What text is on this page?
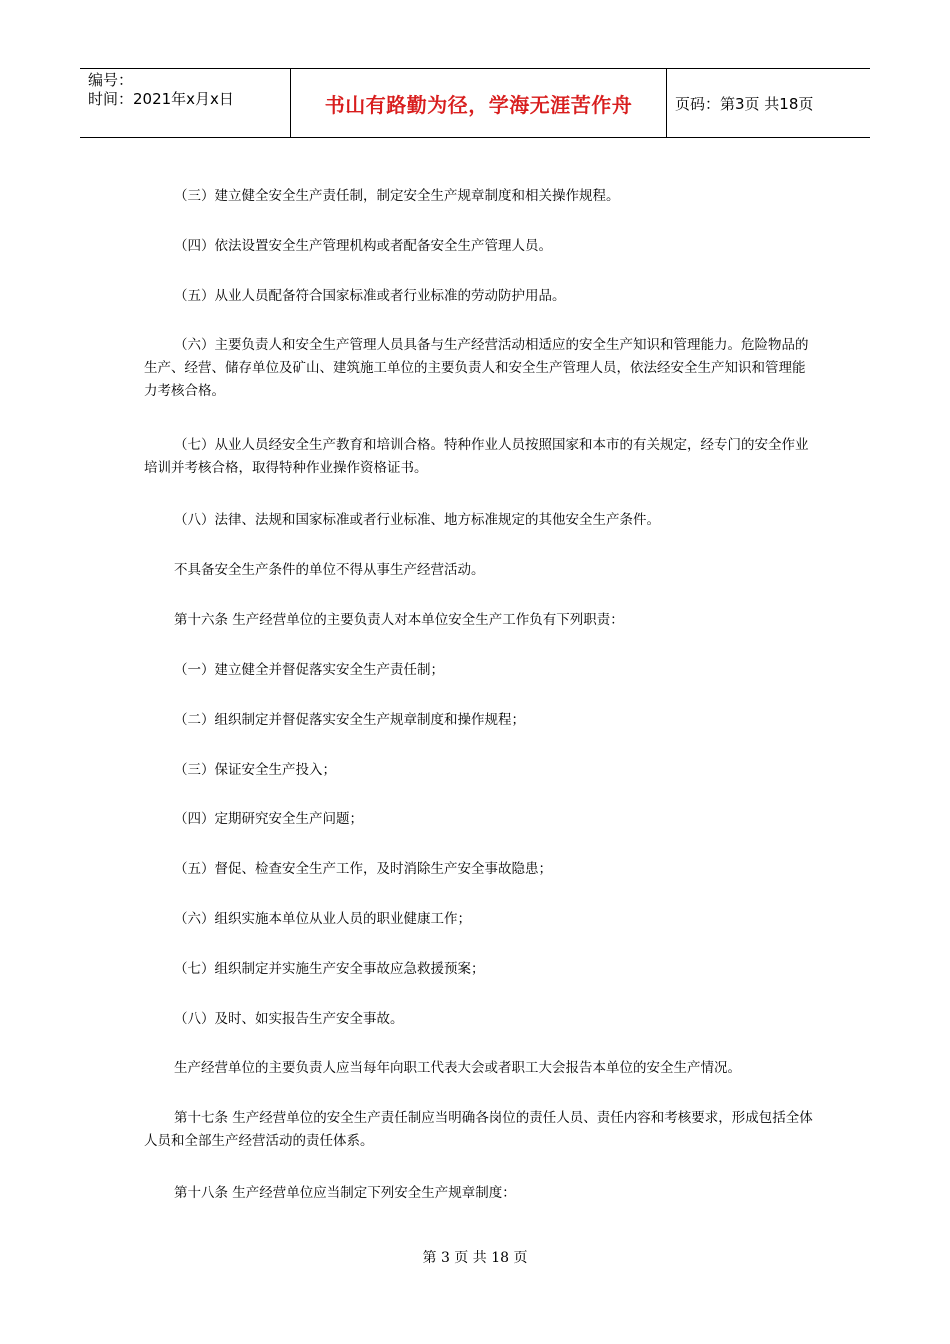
编号：
时间：2021年x月x日	书山有路勤为径，学海无涯苦作舟	页码：第3页 共18页

（三）建立健全安全生产责任制，制定安全生产规章制度和相关操作规程。

（四）依法设置安全生产管理机构或者配备安全生产管理人员。

（五）从业人员配备符合国家标准或者行业标准的劳动防护用品。

（六）主要负责人和安全生产管理人员具备与生产经营活动相适应的安全生产知识和管理能力。危险物品的生产、经营、储存单位及矿山、建筑施工单位的主要负责人和安全生产管理人员，依法经安全生产知识和管理能力考核合格。

（七）从业人员经安全生产教育和培训合格。特种作业人员按照国家和本市的有关规定，经专门的安全作业培训并考核合格，取得特种作业操作资格证书。

（八）法律、法规和国家标准或者行业标准、地方标准规定的其他安全生产条件。

不具备安全生产条件的单位不得从事生产经营活动。

第十六条 生产经营单位的主要负责人对本单位安全生产工作负有下列职责：

（一）建立健全并督促落实安全生产责任制；

（二）组织制定并督促落实安全生产规章制度和操作规程；

（三）保证安全生产投入；

（四）定期研究安全生产问题；

（五）督促、检查安全生产工作，及时消除生产安全事故隐患；

（六）组织实施本单位从业人员的职业健康工作；

（七）组织制定并实施生产安全事故应急救援预案；

（八）及时、如实报告生产安全事故。

生产经营单位的主要负责人应当每年向职工代表大会或者职工大会报告本单位的安全生产情况。

第十七条 生产经营单位的安全生产责任制应当明确各岗位的责任人员、责任内容和考核要求，形成包括全体人员和全部生产经营活动的责任体系。

第十八条 生产经营单位应当制定下列安全生产规章制度：

第 3 页 共 18 页
